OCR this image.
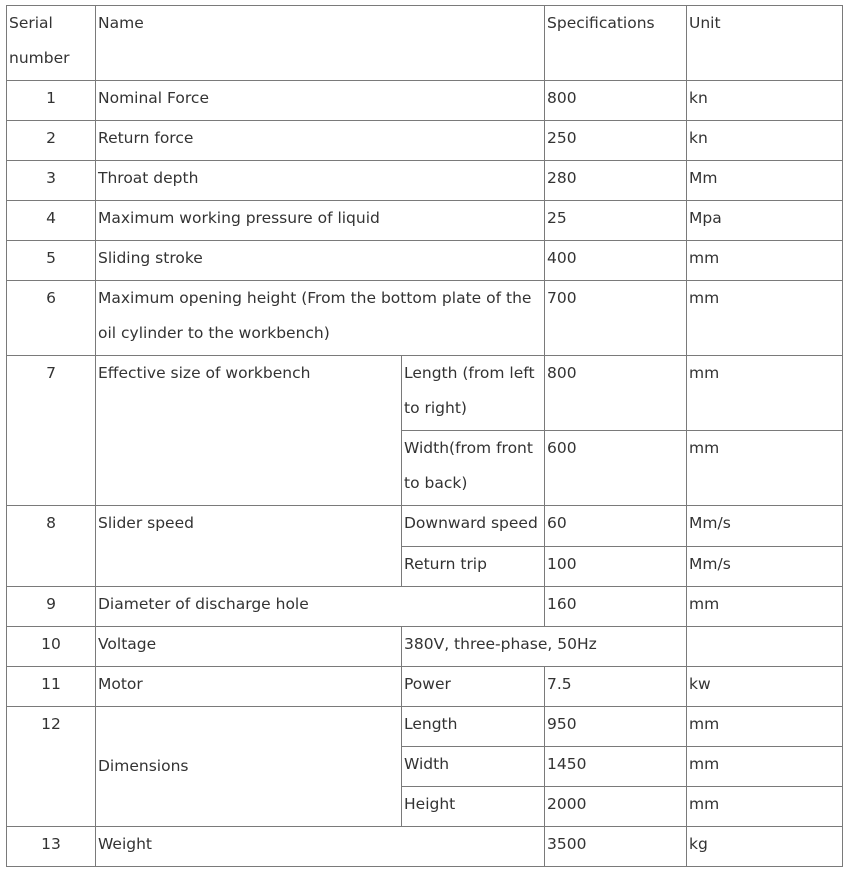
Serial number	Name		Specifications	Unit
1	Nominal Force		800	kn
2	Return force		250	kn
3	Throat depth		280	Mm
4	Maximum working pressure of liquid		25	Mpa
5	Sliding stroke		400	mm
6	Maximum opening height (From the bottom plate of the oil cylinder to the workbench)		700	mm
7	Effective size of workbench	Length (from left to right)	800	mm
		Width(from front to back)	600	mm
8	Slider speed	Downward speed	60	Mm/s
		Return trip	100	Mm/s
9	Diameter of discharge hole		160	mm
10	Voltage	380V, three-phase, 50Hz		
11	Motor	Power	7.5	kw
12	Dimensions	Length	950	mm
		Width	1450	mm
		Height	2000	mm
13	Weight		3500	kg
